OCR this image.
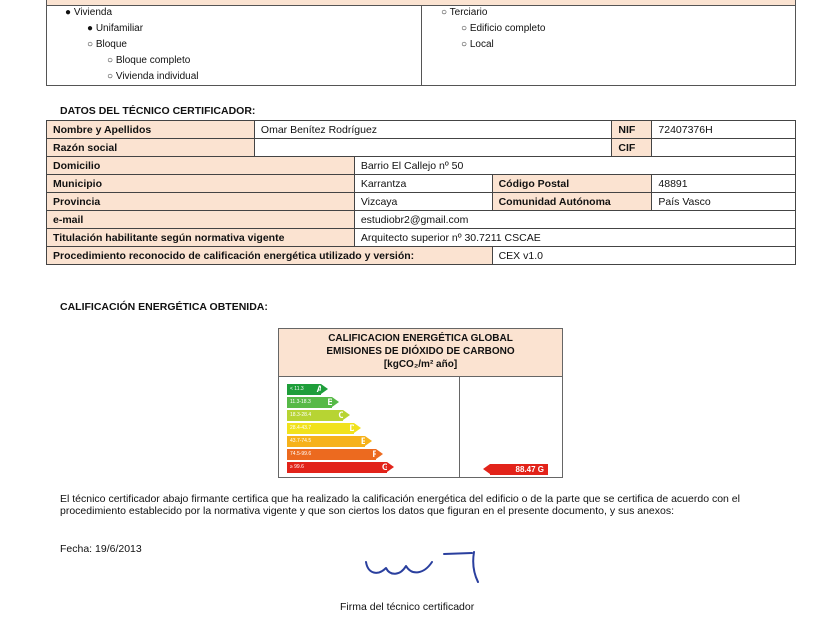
● Vivienda
● Unifamiliar
○ Bloque
○ Bloque completo
○ Vivienda individual
○ Terciario
○ Edificio completo
○ Local
DATOS DEL TÉCNICO CERTIFICADOR:
Nombre y Apellidos	Omar Benítez Rodríguez			NIF	72407376H
Razón social				CIF	
Domicilio		Barrio El Callejo nº 50			
Municipio		Karrantza	Código Postal		48891
Provincia		Vizcaya	Comunidad Autónoma		País Vasco
e-mail		estudiobr2@gmail.com			
Titulación habilitante según normativa vigente		Arquitecto superior nº 30.7211 CSCAE			
Procedimiento reconocido de calificación energética utilizado y versión:			CEX v1.0		
CALIFICACIÓN ENERGÉTICA OBTENIDA:
CALIFICACION ENERGÉTICA GLOBAL
EMISIONES DE DIÓXIDO DE CARBONO
[kgCO₂/m² año]
< 11.3 A
11.3-18.3 B
18.3-28.4	C
28.4-43.7	D
43.7-74.5	E
74.5-99.6	F
≥ 99.6	G	88.47 G
El técnico certificador abajo firmante certifica que ha realizado la calificación energética del edificio o de la parte que se certifica de acuerdo con el procedimiento establecido por la normativa vigente y que son ciertos los datos que figuran en el presente documento, y sus anexos:
Fecha: 19/6/2013
Firma del técnico certificador
